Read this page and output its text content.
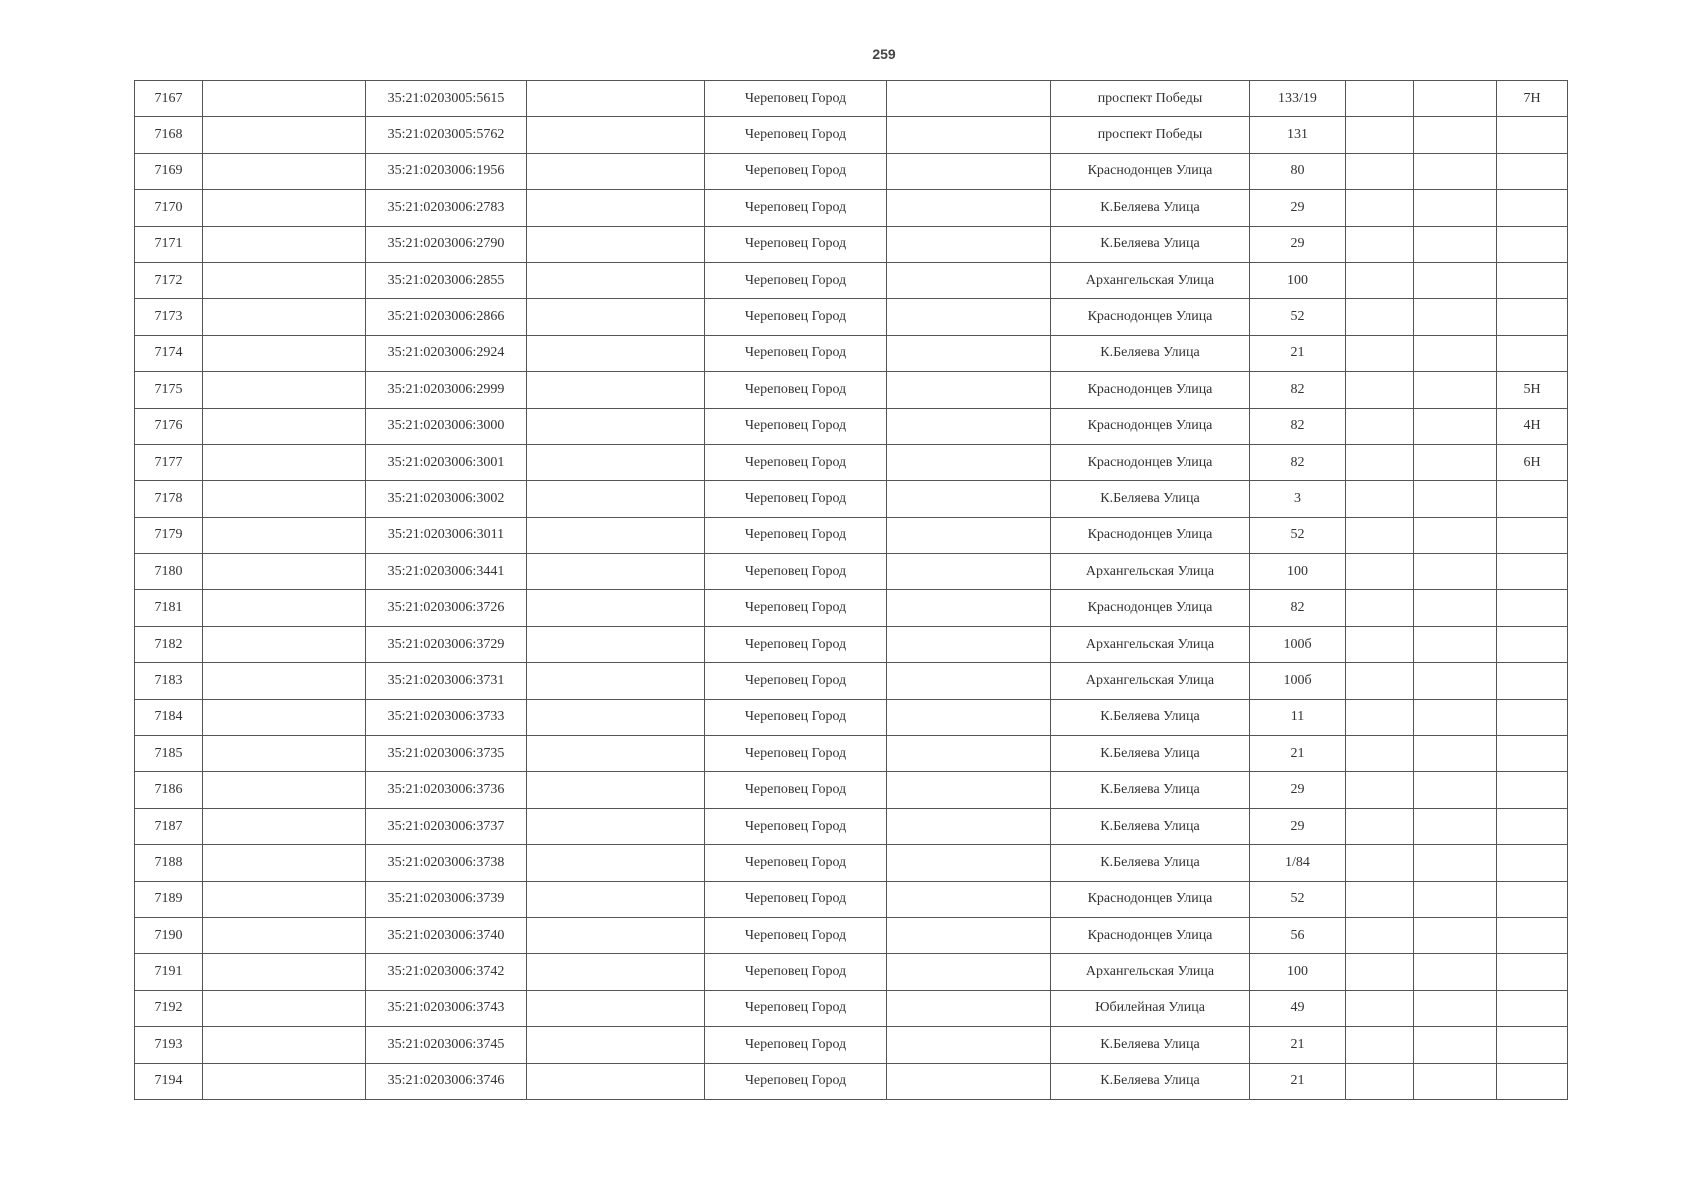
259
7167		35:21:0203005:5615		Череповец Город		проспект Победы	133/19			7Н
7168		35:21:0203005:5762		Череповец Город		проспект Победы	131			
7169		35:21:0203006:1956		Череповец Город		Краснодонцев Улица	80			
7170		35:21:0203006:2783		Череповец Город		К.Беляева Улица	29			
7171		35:21:0203006:2790		Череповец Город		К.Беляева Улица	29			
7172		35:21:0203006:2855		Череповец Город		Архангельская Улица	100			
7173		35:21:0203006:2866		Череповец Город		Краснодонцев Улица	52			
7174		35:21:0203006:2924		Череповец Город		К.Беляева Улица	21			
7175		35:21:0203006:2999		Череповец Город		Краснодонцев Улица	82			5Н
7176		35:21:0203006:3000		Череповец Город		Краснодонцев Улица	82			4Н
7177		35:21:0203006:3001		Череповец Город		Краснодонцев Улица	82			6Н
7178		35:21:0203006:3002		Череповец Город		К.Беляева Улица	3			
7179		35:21:0203006:3011		Череповец Город		Краснодонцев Улица	52			
7180		35:21:0203006:3441		Череповец Город		Архангельская Улица	100			
7181		35:21:0203006:3726		Череповец Город		Краснодонцев Улица	82			
7182		35:21:0203006:3729		Череповец Город		Архангельская Улица	100б			
7183		35:21:0203006:3731		Череповец Город		Архангельская Улица	100б			
7184		35:21:0203006:3733		Череповец Город		К.Беляева Улица	11			
7185		35:21:0203006:3735		Череповец Город		К.Беляева Улица	21			
7186		35:21:0203006:3736		Череповец Город		К.Беляева Улица	29			
7187		35:21:0203006:3737		Череповец Город		К.Беляева Улица	29			
7188		35:21:0203006:3738		Череповец Город		К.Беляева Улица	1/84			
7189		35:21:0203006:3739		Череповец Город		Краснодонцев Улица	52			
7190		35:21:0203006:3740		Череповец Город		Краснодонцев Улица	56			
7191		35:21:0203006:3742		Череповец Город		Архангельская Улица	100			
7192		35:21:0203006:3743		Череповец Город		Юбилейная Улица	49			
7193		35:21:0203006:3745		Череповец Город		К.Беляева Улица	21			
7194		35:21:0203006:3746		Череповец Город		К.Беляева Улица	21			
